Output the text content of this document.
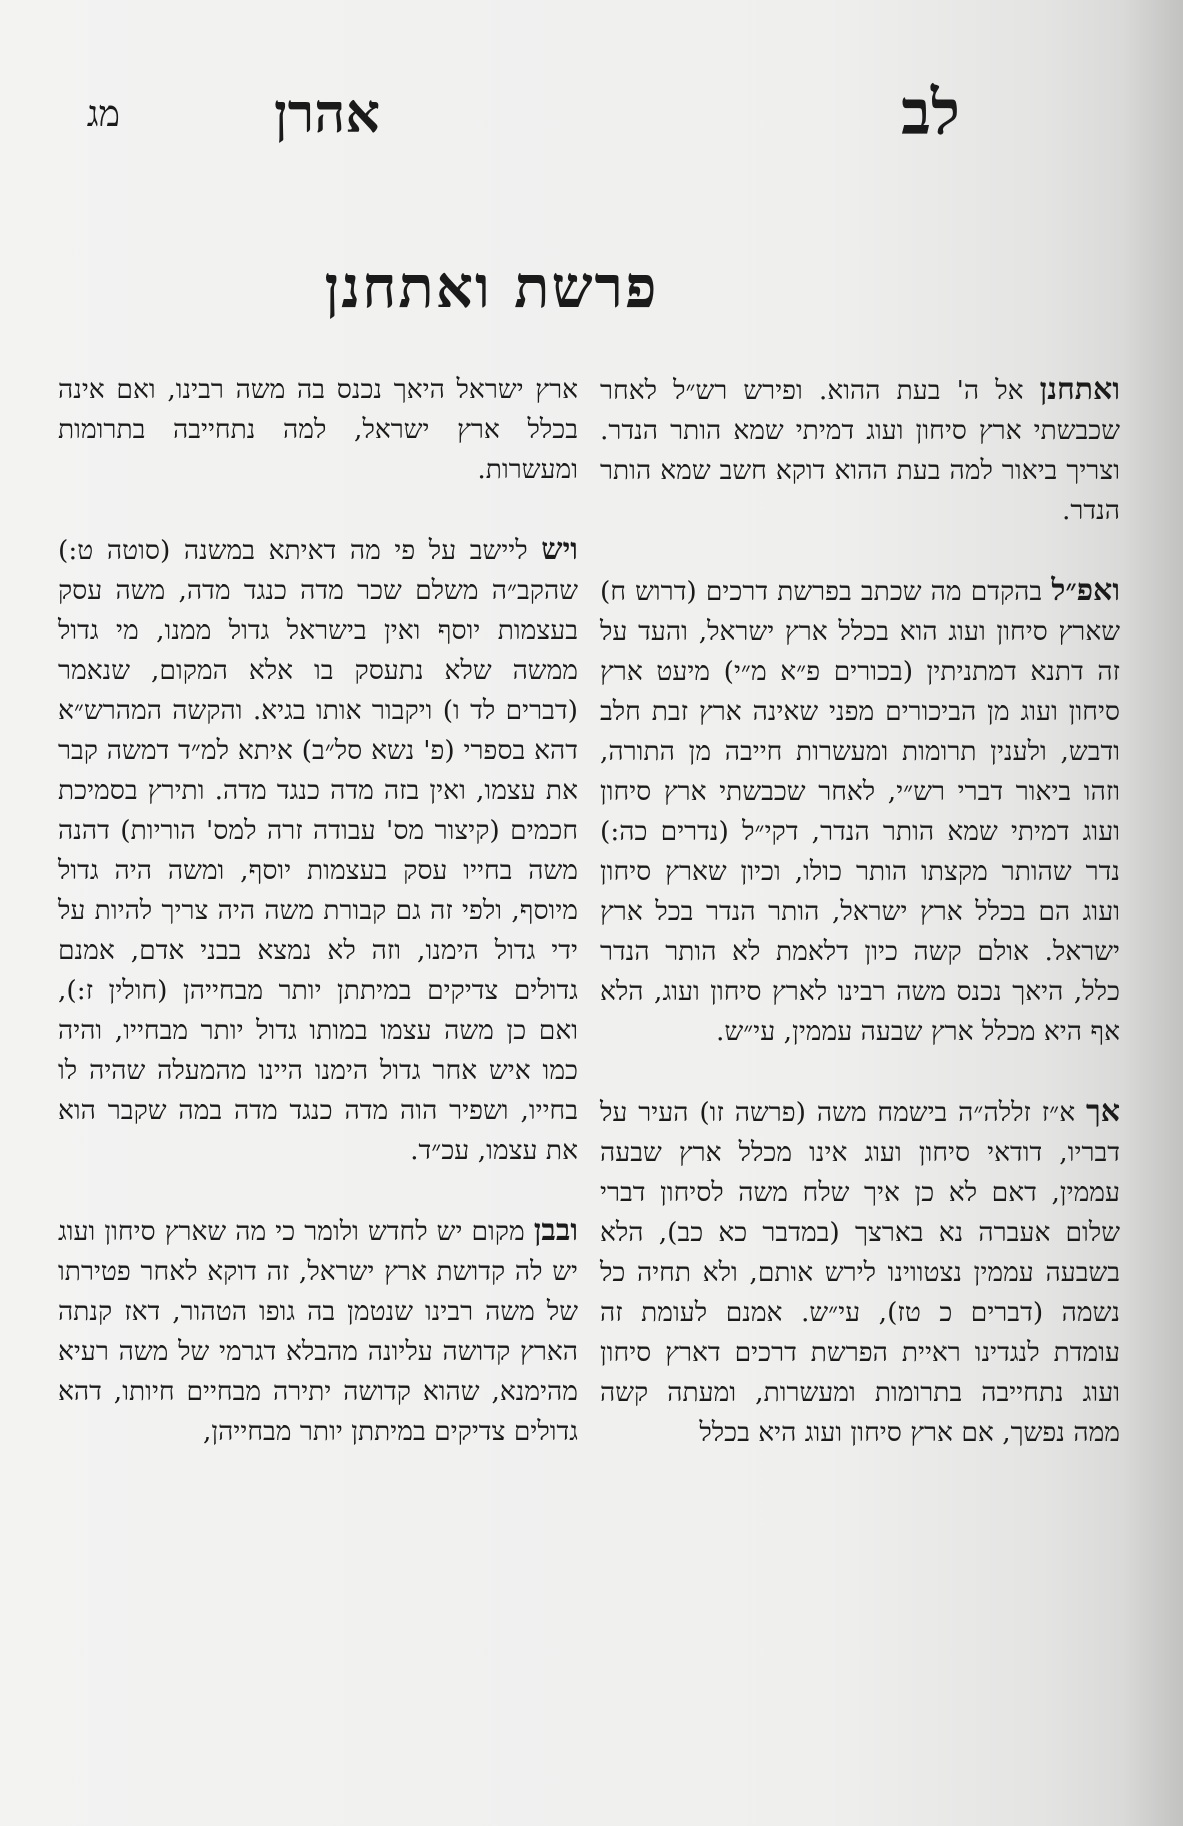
לב
אהרן
מג
פרשת ואתחנן

ואתחנן אל ה' בעת ההוא. ופירש רש״ל לאחר שכבשתי ארץ סיחון ועוג דמיתי שמא הותר הנדר. וצריך ביאור למה בעת ההוא דוקא חשב שמא הותר הנדר.

ואפ״ל בהקדם מה שכתב בפרשת דרכים (דרוש ח) שארץ סיחון ועוג הוא בכלל ארץ ישראל, והעד על זה דתנא דמתניתין (בכורים פ״א מ״י) מיעט ארץ סיחון ועוג מן הביכורים מפני שאינה ארץ זבת חלב ודבש, ולענין תרומות ומעשרות חייבה מן התורה, וזהו ביאור דברי רש״י, לאחר שכבשתי ארץ סיחון ועוג דמיתי שמא הותר הנדר, דקי״ל (נדרים כה:) נדר שהותר מקצתו הותר כולו, וכיון שארץ סיחון ועוג הם בכלל ארץ ישראל, הותר הנדר בכל ארץ ישראל. אולם קשה כיון דלאמת לא הותר הנדר כלל, היאך נכנס משה רבינו לארץ סיחון ועוג, הלא אף היא מכלל ארץ שבעה עממין, עי״ש.

אך א״ז זללה״ה בישמח משה (פרשה זו) העיר על דבריו, דודאי סיחון ועוג אינו מכלל ארץ שבעה עממין, דאם לא כן איך שלח משה לסיחון דברי שלום אעברה נא בארצך (במדבר כא כב), הלא בשבעה עממין נצטווינו לירש אותם, ולא תחיה כל נשמה (דברים כ טז), עי״ש. אמנם לעומת זה עומדת לנגדינו ראיית הפרשת דרכים דארץ סיחון ועוג נתחייבה בתרומות ומעשרות, ומעתה קשה ממה נפשך, אם ארץ סיחון ועוג היא בכלל

ארץ ישראל היאך נכנס בה משה רבינו, ואם אינה בכלל ארץ ישראל, למה נתחייבה בתרומות ומעשרות.

ויש ליישב על פי מה דאיתא במשנה (סוטה ט:) שהקב״ה משלם שכר מדה כנגד מדה, משה עסק בעצמות יוסף ואין בישראל גדול ממנו, מי גדול ממשה שלא נתעסק בו אלא המקום, שנאמר (דברים לד ו) ויקבור אותו בגיא. והקשה המהרש״א דהא בספרי (פ' נשא סל״ב) איתא למ״ד דמשה קבר את עצמו, ואין בזה מדה כנגד מדה. ותירץ בסמיכת חכמים (קיצור מס' עבודה זרה למס' הוריות) דהנה משה בחייו עסק בעצמות יוסף, ומשה היה גדול מיוסף, ולפי זה גם קבורת משה היה צריך להיות על ידי גדול הימנו, וזה לא נמצא בבני אדם, אמנם גדולים צדיקים במיתתן יותר מבחייהן (חולין ז:), ואם כן משה עצמו במותו גדול יותר מבחייו, והיה כמו איש אחר גדול הימנו היינו מהמעלה שהיה לו בחייו, ושפיר הוה מדה כנגד מדה במה שקבר הוא את עצמו, עכ״ד.

ובבן מקום יש לחדש ולומר כי מה שארץ סיחון ועוג יש לה קדושת ארץ ישראל, זה דוקא לאחר פטירתו של משה רבינו שנטמן בה גופו הטהור, דאז קנתה הארץ קדושה עליונה מהבלא דגרמי של משה רעיא מהימנא, שהוא קדושה יתירה מבחיים חיותו, דהא גדולים צדיקים במיתתן יותר מבחייהן,
